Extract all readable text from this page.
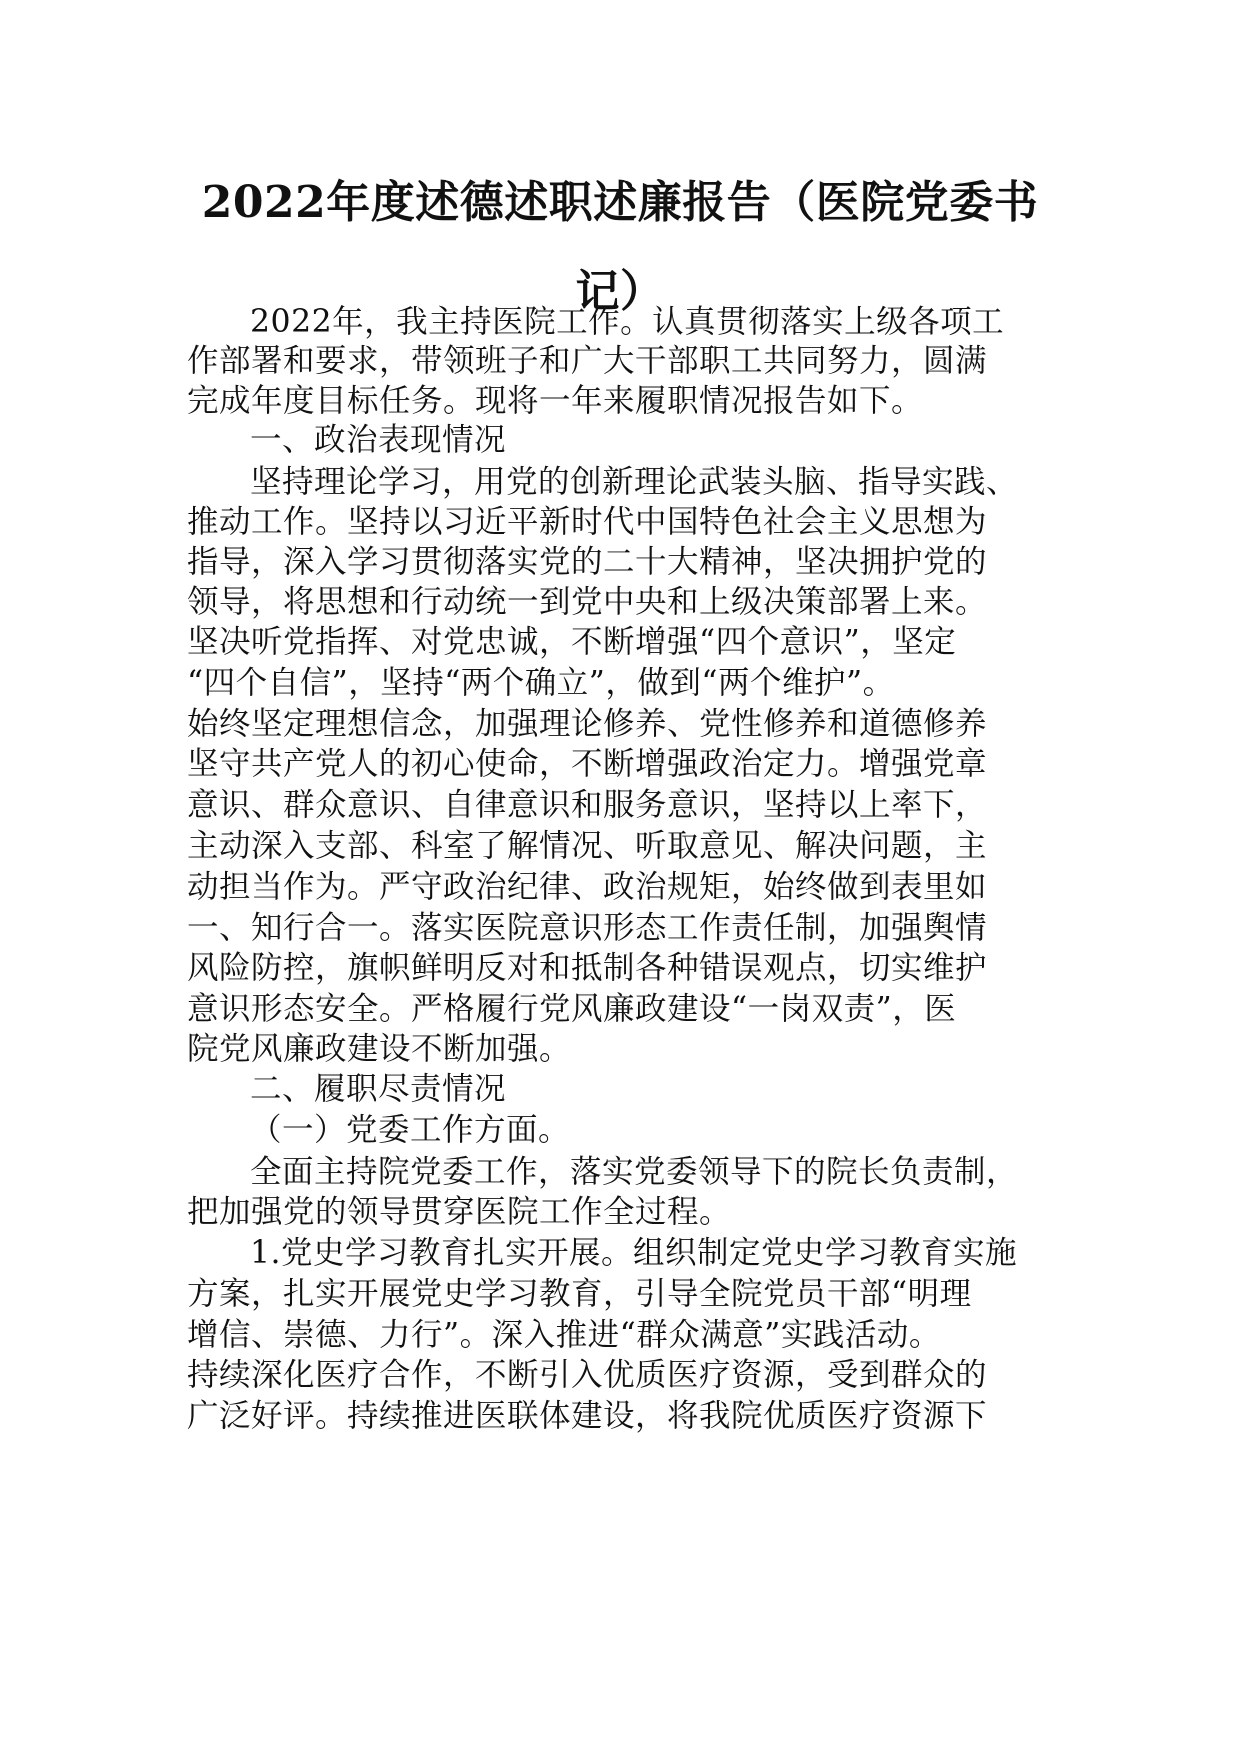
2022年度述德述职述廉报告（医院党委书
记）

2022年，我主持医院工作。认真贯彻落实上级各项工

作部署和要求，带领班子和广大干部职工共同努力，圆满

完成年度目标任务。现将一年来履职情况报告如下。

一、政治表现情况

坚持理论学习，用党的创新理论武装头脑、指导实践、

推动工作。坚持以习近平新时代中国特色社会主义思想为

指导，深入学习贯彻落实党的二十大精神，坚决拥护党的

领导，将思想和行动统一到党中央和上级决策部署上来。

坚决听党指挥、对党忠诚，不断增强“四个意识”，坚定

“四个自信”，坚持“两个确立”，做到“两个维护”。

始终坚定理想信念，加强理论修养、党性修养和道德修养

坚守共产党人的初心使命，不断增强政治定力。增强党章

意识、群众意识、自律意识和服务意识，坚持以上率下，

主动深入支部、科室了解情况、听取意见、解决问题，主

动担当作为。严守政治纪律、政治规矩，始终做到表里如

一、知行合一。落实医院意识形态工作责任制，加强舆情

风险防控，旗帜鲜明反对和抵制各种错误观点，切实维护

意识形态安全。严格履行党风廉政建设“一岗双责”，医

院党风廉政建设不断加强。

二、履职尽责情况

（一）党委工作方面。

全面主持院党委工作，落实党委领导下的院长负责制，

把加强党的领导贯穿医院工作全过程。

1.党史学习教育扎实开展。组织制定党史学习教育实施

方案，扎实开展党史学习教育，引导全院党员干部“明理

增信、崇德、力行”。深入推进“群众满意”实践活动。

持续深化医疗合作，不断引入优质医疗资源，受到群众的

广泛好评。持续推进医联体建设，将我院优质医疗资源下
